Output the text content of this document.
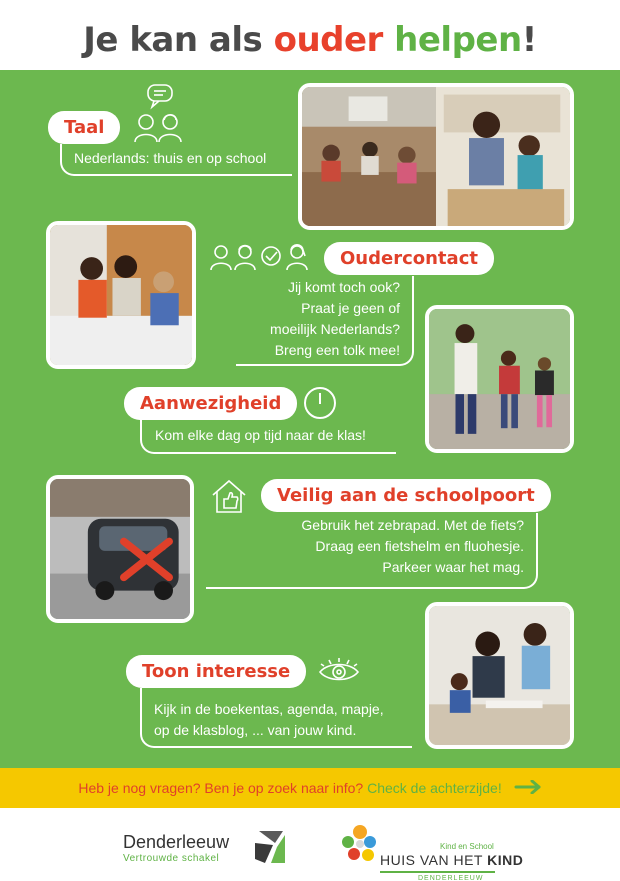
Je kan als ouder helpen!
Taal
Nederlands: thuis en op school
Oudercontact
Jij komt toch ook?
Praat je geen of
moeilijk Nederlands?
Breng een tolk mee!
Aanwezigheid
Kom elke dag op tijd naar de klas!
Veilig aan de schoolpoort
Gebruik het zebrapad. Met de fiets?
Draag een fietshelm en fluohesje.
Parkeer waar het mag.
Toon interesse
Kijk in de boekentas, agenda, mapje,
op de klasblog, ... van jouw kind.
Heb je nog vragen? Ben je op zoek naar info? Check de achterzijde!
Denderleeuw
Vertrouwde schakel
Kind en School
HUIS VAN HET KIND
DENDERLEEUW
